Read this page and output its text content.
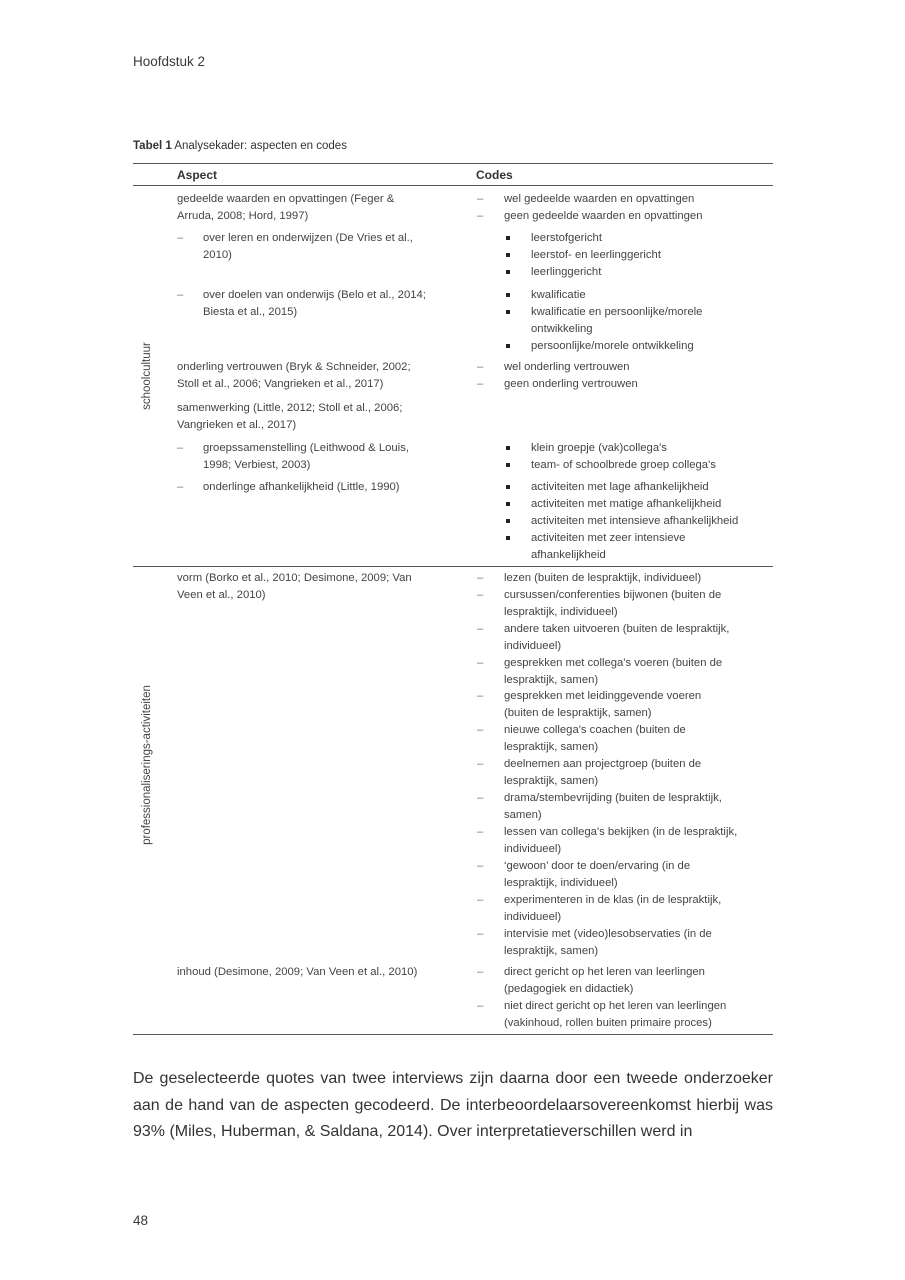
Hoofdstuk 2
Tabel 1 Analysekader: aspecten en codes
Aspect	Codes
schoolcultuur
professionaliserings-activiteiten
gedeelde waarden en opvattingen (Feger &
Arruda, 2008; Hord, 1997)
– over leren en onderwijzen (De Vries et al.,
2010)
– over doelen van onderwijs (Belo et al., 2014;
Biesta et al., 2015)
onderling vertrouwen (Bryk & Schneider, 2002;
Stoll et al., 2006; Vangrieken et al., 2017)
samenwerking (Little, 2012; Stoll et al., 2006;
Vangrieken et al., 2017)
– groepssamenstelling (Leithwood & Louis,
1998; Verbiest, 2003)
– onderlinge afhankelijkheid (Little, 1990)
vorm (Borko et al., 2010; Desimone, 2009; Van
Veen et al., 2010)
inhoud (Desimone, 2009; Van Veen et al., 2010)
– wel gedeelde waarden en opvattingen
– geen gedeelde waarden en opvattingen
leerstofgericht
leerstof- en leerlinggericht
leerlinggericht
kwalificatie
kwalificatie en persoonlijke/morele
ontwikkeling
persoonlijke/morele ontwikkeling
– wel onderling vertrouwen
– geen onderling vertrouwen
klein groepje (vak)collega's
team- of schoolbrede groep collega's
activiteiten met lage afhankelijkheid
activiteiten met matige afhankelijkheid
activiteiten met intensieve afhankelijkheid
activiteiten met zeer intensieve
afhankelijkheid
– lezen (buiten de lespraktijk, individueel)
– cursussen/conferenties bijwonen (buiten de
lespraktijk, individueel)
– andere taken uitvoeren (buiten de lespraktijk,
individueel)
– gesprekken met collega's voeren (buiten de
lespraktijk, samen)
– gesprekken met leidinggevende voeren
(buiten de lespraktijk, samen)
– nieuwe collega's coachen (buiten de
lespraktijk, samen)
– deelnemen aan projectgroep (buiten de
lespraktijk, samen)
– drama/stembevrijding (buiten de lespraktijk,
samen)
– lessen van collega's bekijken (in de lespraktijk,
individueel)
– ‘gewoon’ door te doen/ervaring (in de
lespraktijk, individueel)
– experimenteren in de klas (in de lespraktijk,
individueel)
– intervisie met (video)lesobservaties (in de
lespraktijk, samen)
– direct gericht op het leren van leerlingen
(pedagogiek en didactiek)
– niet direct gericht op het leren van leerlingen
(vakinhoud, rollen buiten primaire proces)
De geselecteerde quotes van twee interviews zijn daarna door een tweede onderzoeker aan de hand van de aspecten gecodeerd. De interbeoordelaarsovereenkomst hierbij was 93% (Miles, Huberman, & Saldana, 2014). Over interpretatieverschillen werd in
48
